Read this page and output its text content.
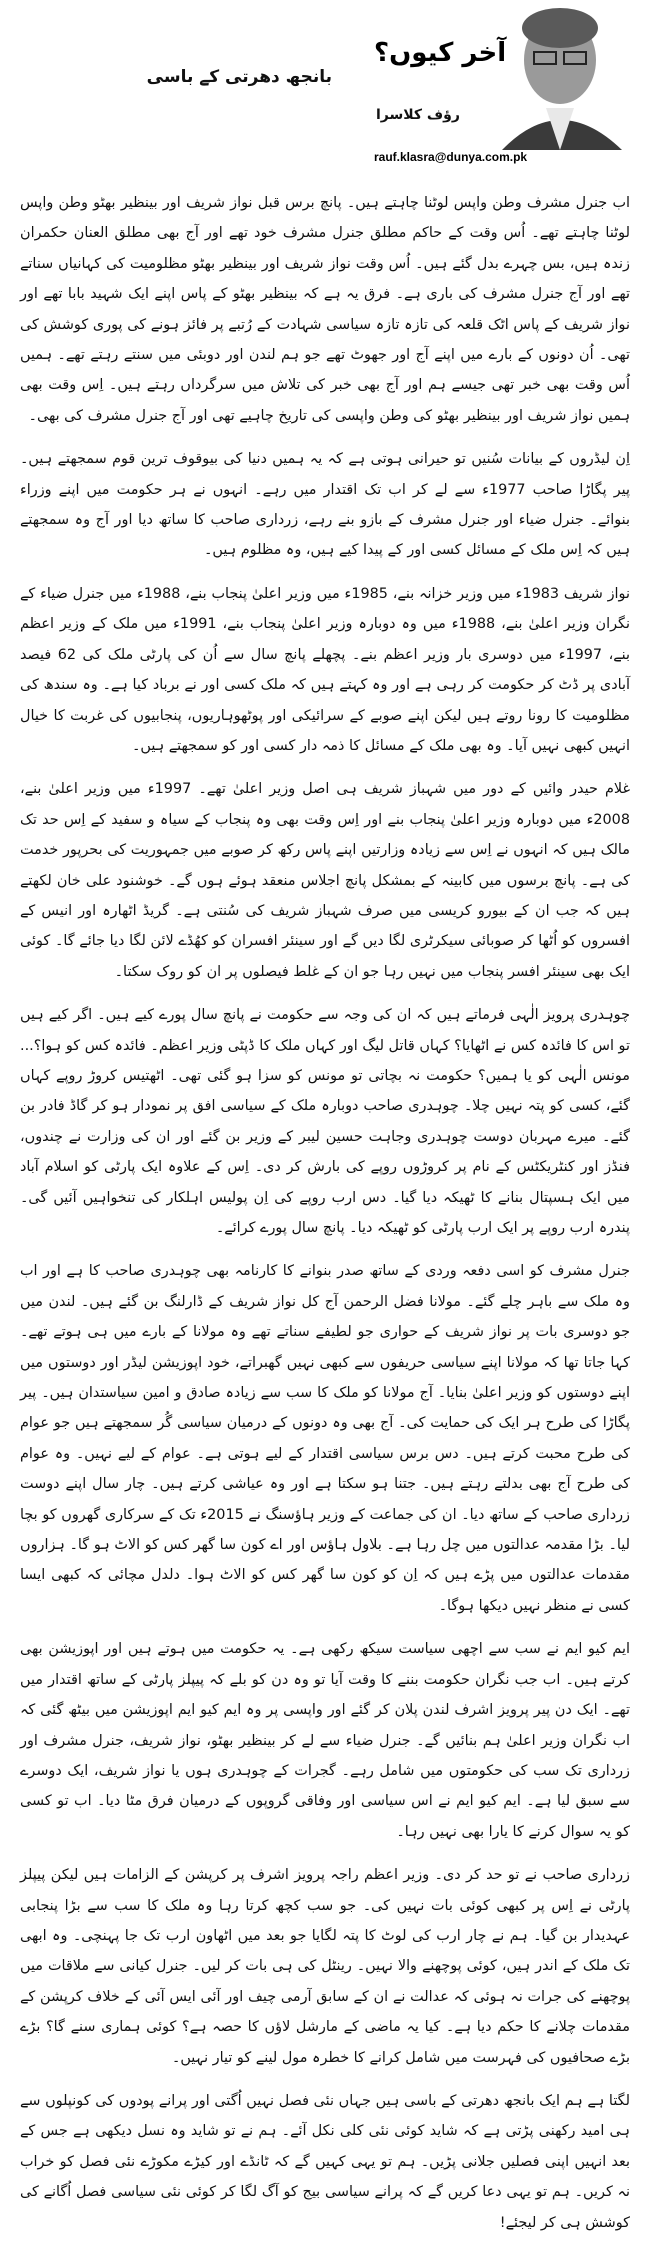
آخر کیوں؟
بانجھ دھرتی کے باسی
رؤف کلاسرا
rauf.klasra@dunya.com.pk

اب جنرل مشرف وطن واپس لوٹنا چاہتے ہیں۔ پانچ برس قبل نواز شریف اور بینظیر بھٹو وطن واپس لوٹنا چاہتے تھے۔ اُس وقت کے حاکم مطلق جنرل مشرف خود تھے اور آج بھی مطلق العنان حکمران زندہ ہیں، بس چہرے بدل گئے ہیں۔ اُس وقت نواز شریف اور بینظیر بھٹو مظلومیت کی کہانیاں سناتے تھے اور آج جنرل مشرف کی باری ہے۔ فرق یہ ہے کہ بینظیر بھٹو کے پاس اپنے ایک شہید بابا تھے اور نواز شریف کے پاس اٹک قلعہ کی تازہ تازہ سیاسی شہادت کے رُتبے پر فائز ہونے کی پوری کوشش کی تھی۔ اُن دونوں کے بارے میں اپنے آج اور جھوٹ تھے جو ہم لندن اور دوبئی میں سنتے رہتے تھے۔ ہمیں اُس وقت بھی خبر تھی جیسے ہم اور آج بھی خبر کی تلاش میں سرگرداں رہتے ہیں۔ اِس وقت بھی ہمیں نواز شریف اور بینظیر بھٹو کی وطن واپسی کی تاریخ چاہیے تھی اور آج جنرل مشرف کی بھی۔

اِن لیڈروں کے بیانات سُنیں تو حیرانی ہوتی ہے کہ یہ ہمیں دنیا کی بیوقوف ترین قوم سمجھتے ہیں۔ پیر پگاڑا صاحب 1977ء سے لے کر اب تک اقتدار میں رہے۔ انہوں نے ہر حکومت میں اپنے وزراء بنوائے۔ جنرل ضیاء اور جنرل مشرف کے بازو بنے رہے، زرداری صاحب کا ساتھ دیا اور آج وہ سمجھتے ہیں کہ اِس ملک کے مسائل کسی اور کے پیدا کیے ہیں، وہ مظلوم ہیں۔

نواز شریف 1983ء میں وزیر خزانہ بنے، 1985ء میں وزیر اعلیٰ پنجاب بنے، 1988ء میں جنرل ضیاء کے نگران وزیر اعلیٰ بنے، 1988ء میں وہ دوبارہ وزیر اعلیٰ پنجاب بنے، 1991ء میں ملک کے وزیر اعظم بنے، 1997ء میں دوسری بار وزیر اعظم بنے۔ پچھلے پانچ سال سے اُن کی پارٹی ملک کی 62 فیصد آبادی پر ڈٹ کر حکومت کر رہی ہے اور وہ کہتے ہیں کہ ملک کسی اور نے برباد کیا ہے۔ وہ سندھ کی مظلومیت کا رونا روتے ہیں لیکن اپنے صوبے کے سرائیکی اور پوٹھوہاریوں، پنجابیوں کی غربت کا خیال انہیں کبھی نہیں آیا۔ وہ بھی ملک کے مسائل کا ذمہ دار کسی اور کو سمجھتے ہیں۔

غلام حیدر وائیں کے دور میں شہباز شریف ہی اصل وزیر اعلیٰ تھے۔ 1997ء میں وزیر اعلیٰ بنے، 2008ء میں دوبارہ وزیر اعلیٰ پنجاب بنے اور اِس وقت بھی وہ پنجاب کے سیاہ و سفید کے اِس حد تک مالک ہیں کہ انہوں نے اِس سے زیادہ وزارتیں اپنے پاس رکھ کر صوبے میں جمہوریت کی بحرپور خدمت کی ہے۔ پانچ برسوں میں کابینہ کے بمشکل پانچ اجلاس منعقد ہوئے ہوں گے۔ خوشنود علی خان لکھتے ہیں کہ جب ان کے بیورو کریسی میں صرف شہباز شریف کی سُنتی ہے۔ گریڈ اٹھارہ اور انیس کے افسروں کو اُٹھا کر صوبائی سیکرٹری لگا دیں گے اور سینئر افسران کو کھُڈے لائن لگا دیا جائے گا۔ کوئی ایک بھی سینئر افسر پنجاب میں نہیں رہا جو ان کے غلط فیصلوں پر ان کو روک سکتا۔

چوہدری پرویز الٰہی فرماتے ہیں کہ ان کی وجہ سے حکومت نے پانچ سال پورے کیے ہیں۔ اگر کیے ہیں تو اس کا فائدہ کس نے اٹھایا؟ کہاں قاتل لیگ اور کہاں ملک کا ڈپٹی وزیر اعظم۔ فائدہ کس کو ہوا؟... مونس الٰہی کو یا ہمیں؟ حکومت نہ بچاتی تو مونس کو سزا ہو گئی تھی۔ اٹھتیس کروڑ روپے کہاں گئے، کسی کو پتہ نہیں چلا۔ چوہدری صاحب دوبارہ ملک کے سیاسی افق پر نمودار ہو کر گاڈ فادر بن گئے۔ میرے مہربان دوست چوہدری وجاہت حسین لیبر کے وزیر بن گئے اور ان کی وزارت نے چندوں، فنڈز اور کنٹریکٹس کے نام پر کروڑوں روپے کی بارش کر دی۔ اِس کے علاوہ ایک پارٹی کو اسلام آباد میں ایک ہسپتال بنانے کا ٹھیکہ دیا گیا۔ دس ارب روپے کی اِن پولیس اہلکار کی تنخواہیں آئیں گی۔ پندرہ ارب روپے پر ایک ارب پارٹی کو ٹھیکہ دیا۔ پانچ سال پورے کرائے۔

جنرل مشرف کو اسی دفعہ وردی کے ساتھ صدر بنوانے کا کارنامہ بھی چوہدری صاحب کا ہے اور اب وہ ملک سے باہر چلے گئے۔ مولانا فضل الرحمن آج کل نواز شریف کے ڈارلنگ بن گئے ہیں۔ لندن میں جو دوسری بات پر نواز شریف کے حواری جو لطیفے سناتے تھے وہ مولانا کے بارے میں ہی ہوتے تھے۔ کہا جاتا تھا کہ مولانا اپنے سیاسی حریفوں سے کبھی نہیں گھبراتے، خود اپوزیشن لیڈر اور دوستوں میں اپنے دوستوں کو وزیر اعلیٰ بنایا۔ آج مولانا کو ملک کا سب سے زیادہ صادق و امین سیاستدان ہیں۔ پیر پگاڑا کی طرح ہر ایک کی حمایت کی۔ آج بھی وہ دونوں کے درمیان سیاسی گُر سمجھتے ہیں جو عوام کی طرح محبت کرتے ہیں۔ دس برس سیاسی اقتدار کے لیے ہوتی ہے۔ عوام کے لیے نہیں۔ وہ عوام کی طرح آج بھی بدلتے رہتے ہیں۔ جتنا ہو سکتا ہے اور وہ عیاشی کرتے ہیں۔ چار سال اپنے دوست زرداری صاحب کے ساتھ دیا۔ ان کی جماعت کے وزیر ہاؤسنگ نے 2015ء تک کے سرکاری گھروں کو بچا لیا۔ بڑا مقدمہ عدالتوں میں چل رہا ہے۔ بلاول ہاؤس اور اے کون سا گھر کس کو الاٹ ہو گا۔ ہزاروں مقدمات عدالتوں میں پڑے ہیں کہ اِن کو کون سا گھر کس کو الاٹ ہوا۔ دلدل مچائی کہ کبھی ایسا کسی نے منظر نہیں دیکھا ہوگا۔

ایم کیو ایم نے سب سے اچھی سیاست سیکھ رکھی ہے۔ یہ حکومت میں ہوتے ہیں اور اپوزیشن بھی کرتے ہیں۔ اب جب نگران حکومت بننے کا وقت آیا تو وہ دن کو بلے کہ پیپلز پارٹی کے ساتھ اقتدار میں تھے۔ ایک دن پیر پرویز اشرف لندن پلان کر گئے اور واپسی پر وہ ایم کیو ایم اپوزیشن میں بیٹھ گئی کہ اب نگران وزیر اعلیٰ ہم بنائیں گے۔ جنرل ضیاء سے لے کر بینظیر بھٹو، نواز شریف، جنرل مشرف اور زرداری تک سب کی حکومتوں میں شامل رہے۔ گجرات کے چوہدری ہوں یا نواز شریف، ایک دوسرے سے سبق لیا ہے۔ ایم کیو ایم نے اس سیاسی اور وفاقی گروپوں کے درمیان فرق مٹا دیا۔ اب تو کسی کو یہ سوال کرنے کا یارا بھی نہیں رہا۔

زرداری صاحب نے تو حد کر دی۔ وزیر اعظم راجہ پرویز اشرف پر کرپشن کے الزامات ہیں لیکن پیپلز پارٹی نے اِس پر کبھی کوئی بات نہیں کی۔ جو سب کچھ کرتا رہا وہ ملک کا سب سے بڑا پنجابی عہدیدار بن گیا۔ ہم نے چار ارب کی لوٹ کا پتہ لگایا جو بعد میں اٹھاون ارب تک جا پہنچی۔ وہ ابھی تک ملک کے اندر ہیں، کوئی پوچھنے والا نہیں۔ رینٹل کی ہی بات کر لیں۔ جنرل کیانی سے ملاقات میں پوچھنے کی جرات نہ ہوئی کہ عدالت نے ان کے سابق آرمی چیف اور آئی ایس آئی کے خلاف کرپشن کے مقدمات چلانے کا حکم دیا ہے۔ کیا یہ ماضی کے مارشل لاؤں کا حصہ ہے؟ کوئی ہماری سنے گا؟ بڑے بڑے صحافیوں کی فہرست میں شامل کرانے کا خطرہ مول لینے کو تیار نہیں۔

لگتا ہے ہم ایک بانجھ دھرتی کے باسی ہیں جہاں نئی فصل نہیں اُگتی اور پرانے پودوں کی کونپلوں سے ہی امید رکھنی پڑتی ہے کہ شاید کوئی نئی کلی نکل آئے۔ ہم نے تو شاید وہ نسل دیکھی ہے جس کے بعد انہیں اپنی فصلیں جلانی پڑیں۔ ہم تو یہی کہیں گے کہ ٹانڈے اور کیڑے مکوڑے نئی فصل کو خراب نہ کریں۔ ہم تو یہی دعا کریں گے کہ پرانے سیاسی بیج کو آگ لگا کر کوئی نئی سیاسی فصل اُگانے کی کوشش ہی کر لیجئے!
